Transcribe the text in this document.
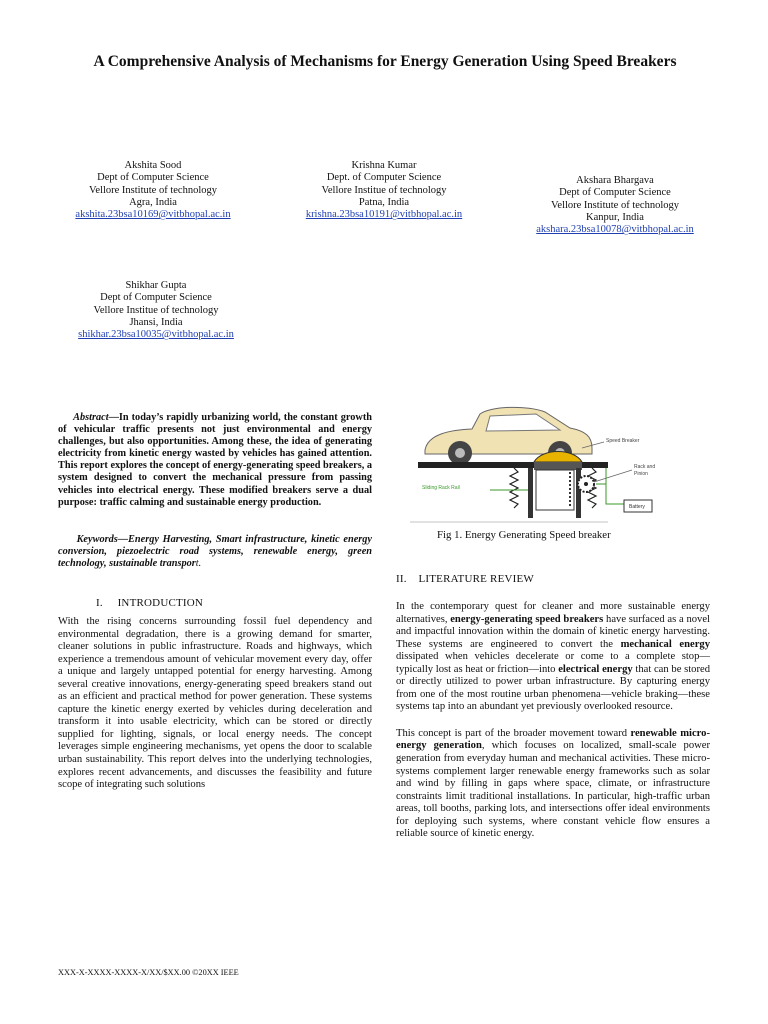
A Comprehensive Analysis of Mechanisms for Energy Generation Using Speed Breakers
Akshita Sood
Dept of Computer Science
Vellore Institute of technology
Agra, India
akshita.23bsa10169@vitbhopal.ac.in
Krishna Kumar
Dept. of Computer Science
Vellore Institue of technology
Patna, India
krishna.23bsa10191@vitbhopal.ac.in
Akshara Bhargava
Dept of Computer Science
Vellore Institute of technology
Kanpur, India
akshara.23bsa10078@vitbhopal.ac.in
Shikhar Gupta
Dept of Computer Science
Vellore Institue of technology
Jhansi, India
shikhar.23bsa10035@vitbhopal.ac.in
Abstract—In today’s rapidly urbanizing world, the constant growth of vehicular traffic presents not just environmental and energy challenges, but also opportunities. Among these, the idea of generating electricity from kinetic energy wasted by vehicles has gained attention. This report explores the concept of energy-generating speed breakers, a system designed to convert the mechanical pressure from passing vehicles into electrical energy. These modified breakers serve a dual purpose: traffic calming and sustainable energy production.
Keywords—Energy Harvesting, Smart infrastructure, kinetic energy conversion, piezoelectric road systems, renewable energy, green technology, sustainable transport.
I.     INTRODUCTION

With the rising concerns surrounding fossil fuel dependency and environmental degradation, there is a growing demand for smarter, cleaner solutions in public infrastructure. Roads and highways, which experience a tremendous amount of vehicular movement every day, offer a unique and largely untapped potential for energy harvesting. Among several creative innovations, energy-generating speed breakers stand out as an efficient and practical method for power generation. These systems capture the kinetic energy exerted by vehicles during deceleration and transform it into usable electricity, which can be stored or directly supplied for lighting, signals, or local energy needs. The concept leverages simple engineering mechanisms, yet opens the door to scalable urban sustainability. This report delves into the underlying technologies, explores recent advancements, and discusses the feasibility and future scope of integrating such solutions

Speed Breaker
Rack and
Pinion
Sliding Rack Rail
Battery
Fig 1. Energy Generating Speed breaker
II.    LITERATURE REVIEW

In the contemporary quest for cleaner and more sustainable energy alternatives, energy-generating speed breakers have surfaced as a novel and impactful innovation within the domain of kinetic energy harvesting. These systems are engineered to convert the mechanical energy dissipated when vehicles decelerate or come to a complete stop—typically lost as heat or friction—into electrical energy that can be stored or directly utilized to power urban infrastructure. By capturing energy from one of the most routine urban phenomena—vehicle braking—these systems tap into an abundant yet previously overlooked resource.

This concept is part of the broader movement toward renewable micro-energy generation, which focuses on localized, small-scale power generation from everyday human and mechanical activities. These micro-systems complement larger renewable energy frameworks such as solar and wind by filling in gaps where space, climate, or infrastructure constraints limit traditional installations. In particular, high-traffic urban areas, toll booths, parking lots, and intersections offer ideal environments for deploying such systems, where constant vehicle flow ensures a reliable source of kinetic energy.

XXX-X-XXXX-XXXX-X/XX/$XX.00 ©20XX IEEE
